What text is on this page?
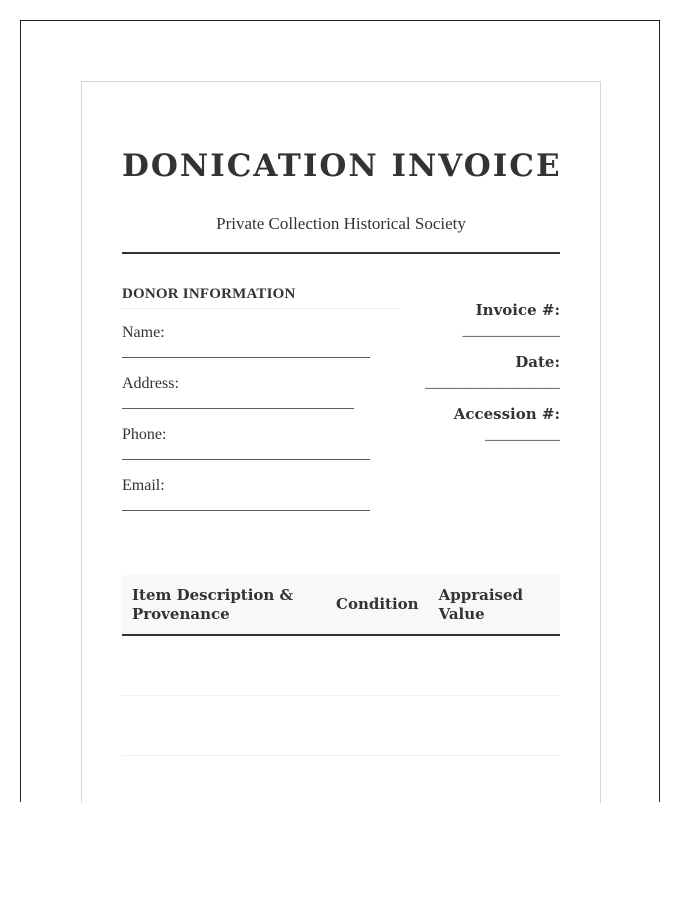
DONICATION INVOICE
Private Collection Historical Society
DONOR INFORMATION
Name:
_______________________________
Address:
_____________________________
Phone:
_______________________________
Email:
_______________________________
Invoice #:
_____________
Date:
__________________
Accession #:
__________
Item Description & Provenance	Condition	Appraised Value
